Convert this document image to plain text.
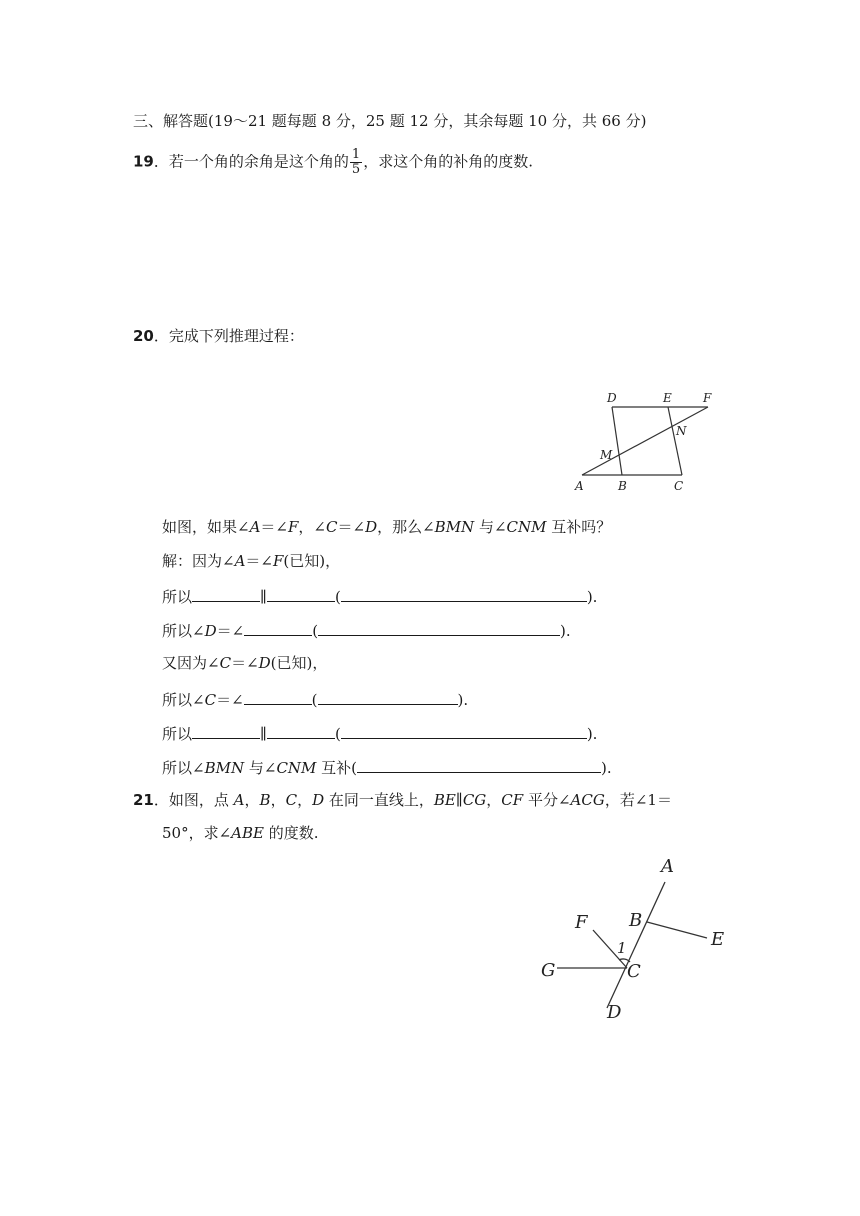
三、解答题(19～21 题每题 8 分，25 题 12 分，其余每题 10 分，共 66 分)
19．若一个角的余角是这个角的 $\frac{1}{5}$ ，求这个角的补角的度数.
20．完成下列推理过程：
D	E	F
N
M
A	B	C
如图，如果∠A＝∠F，∠C＝∠D，那么∠BMN 与∠CNM 互补吗？
解：因为∠A＝∠F(已知)，
所以	∥	(	).
所以∠D＝∠	(	).
又因为∠C＝∠D(已知)，
所以∠C＝∠	(	).
所以	∥	(	).
所以∠BMN 与∠CNM 互补(	).
21．如图，点 A，B，C，D 在同一直线上，BE∥CG，CF 平分∠ACG，若∠1＝
50°，求∠ABE 的度数.
A
B
C
D
E
F
G
1
